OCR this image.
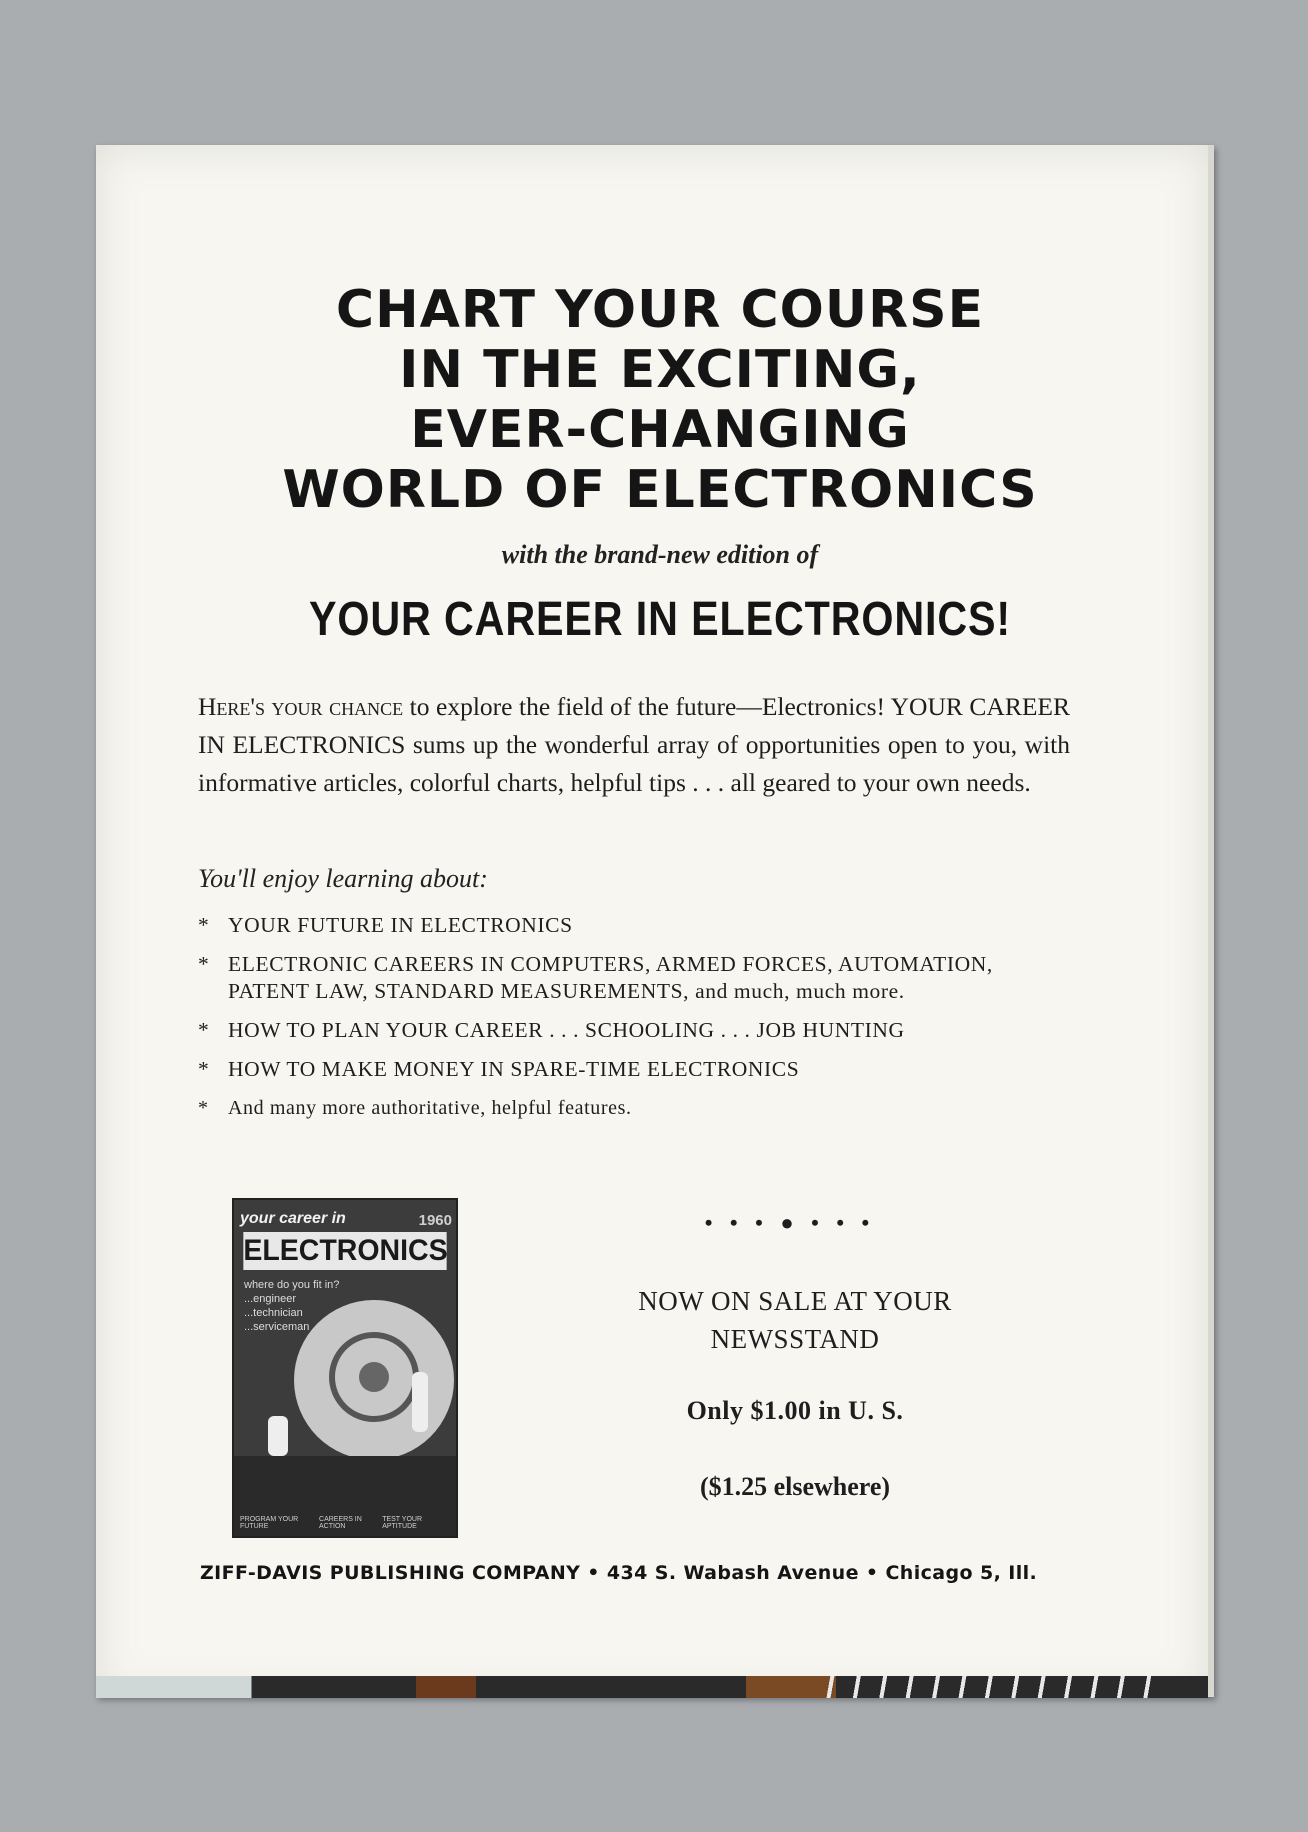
CHART YOUR COURSE
IN THE EXCITING,
EVER-CHANGING
WORLD OF ELECTRONICS
with the brand-new edition of
YOUR CAREER IN ELECTRONICS!
Here's your chance to explore the field of the future—Electronics! YOUR CAREER IN ELECTRONICS sums up the wonderful array of opportunities open to you, with informative articles, colorful charts, helpful tips . . . all geared to your own needs.
You'll enjoy learning about:
* YOUR FUTURE IN ELECTRONICS
* ELECTRONIC CAREERS IN COMPUTERS, ARMED FORCES, AUTOMATION, PATENT LAW, STANDARD MEASUREMENTS, and much, much more.
* HOW TO PLAN YOUR CAREER . . . SCHOOLING . . . JOB HUNTING
* HOW TO MAKE MONEY IN SPARE-TIME ELECTRONICS
* And many more authoritative, helpful features.
your career in	1960
ELECTRONICS
where do you fit in?
...engineer
...technician
...serviceman
PROGRAM YOUR FUTURE
CAREERS IN ACTION
TEST YOUR APTITUDE
• • • ● • • •
NOW ON SALE AT YOUR
NEWSSTAND
Only $1.00 in U. S.
($1.25 elsewhere)
ZIFF-DAVIS PUBLISHING COMPANY • 434 S. Wabash Avenue • Chicago 5, Ill.
